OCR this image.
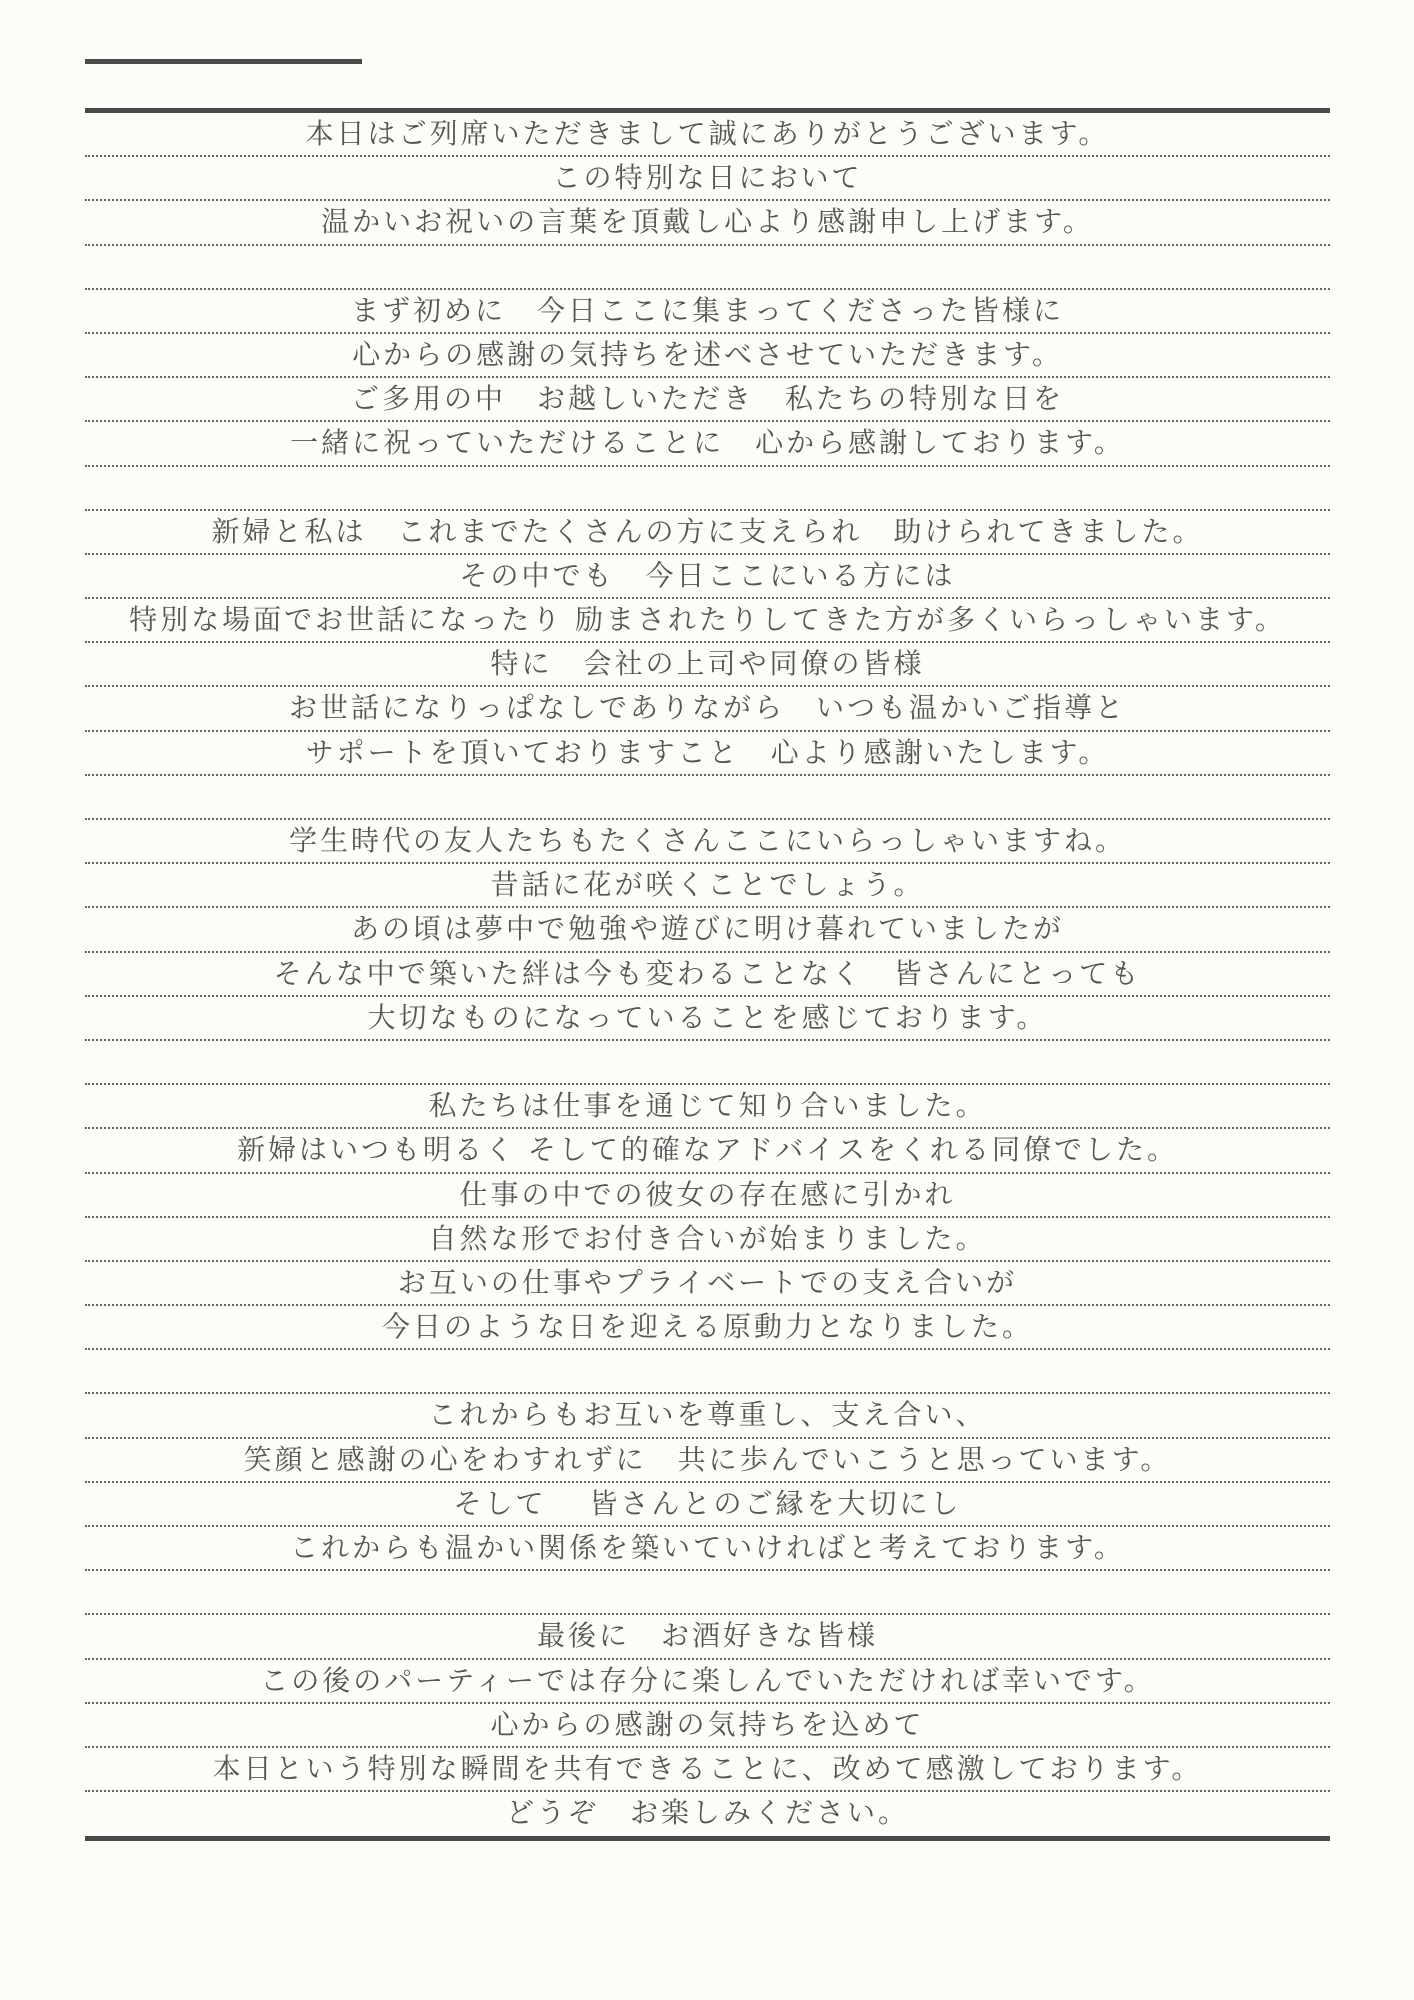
本日はご列席いただきまして誠にありがとうございます。
この特別な日において
温かいお祝いの言葉を頂戴し心より感謝申し上げます。
まず初めに　今日ここに集まってくださった皆様に
心からの感謝の気持ちを述べさせていただきます。
ご多用の中　お越しいただき　私たちの特別な日を
一緒に祝っていただけることに　心から感謝しております。
新婦と私は　これまでたくさんの方に支えられ　助けられてきました。
その中でも　今日ここにいる方には
特別な場面でお世話になったり 励まされたりしてきた方が多くいらっしゃいます。
特に　会社の上司や同僚の皆様
お世話になりっぱなしでありながら　いつも温かいご指導と
サポートを頂いておりますこと　心より感謝いたします。
学生時代の友人たちもたくさんここにいらっしゃいますね。
昔話に花が咲くことでしょう。
あの頃は夢中で勉強や遊びに明け暮れていましたが
そんな中で築いた絆は今も変わることなく　皆さんにとっても
大切なものになっていることを感じております。
私たちは仕事を通じて知り合いました。
新婦はいつも明るく そして的確なアドバイスをくれる同僚でした。
仕事の中での彼女の存在感に引かれ
自然な形でお付き合いが始まりました。
お互いの仕事やプライベートでの支え合いが
今日のような日を迎える原動力となりました。
これからもお互いを尊重し、支え合い、
笑顔と感謝の心をわすれずに　共に歩んでいこうと思っています。
そして　 皆さんとのご縁を大切にし
これからも温かい関係を築いていければと考えております。
最後に　お酒好きな皆様
この後のパーティーでは存分に楽しんでいただければ幸いです。
心からの感謝の気持ちを込めて
本日という特別な瞬間を共有できることに、改めて感激しております。
どうぞ　お楽しみください。
